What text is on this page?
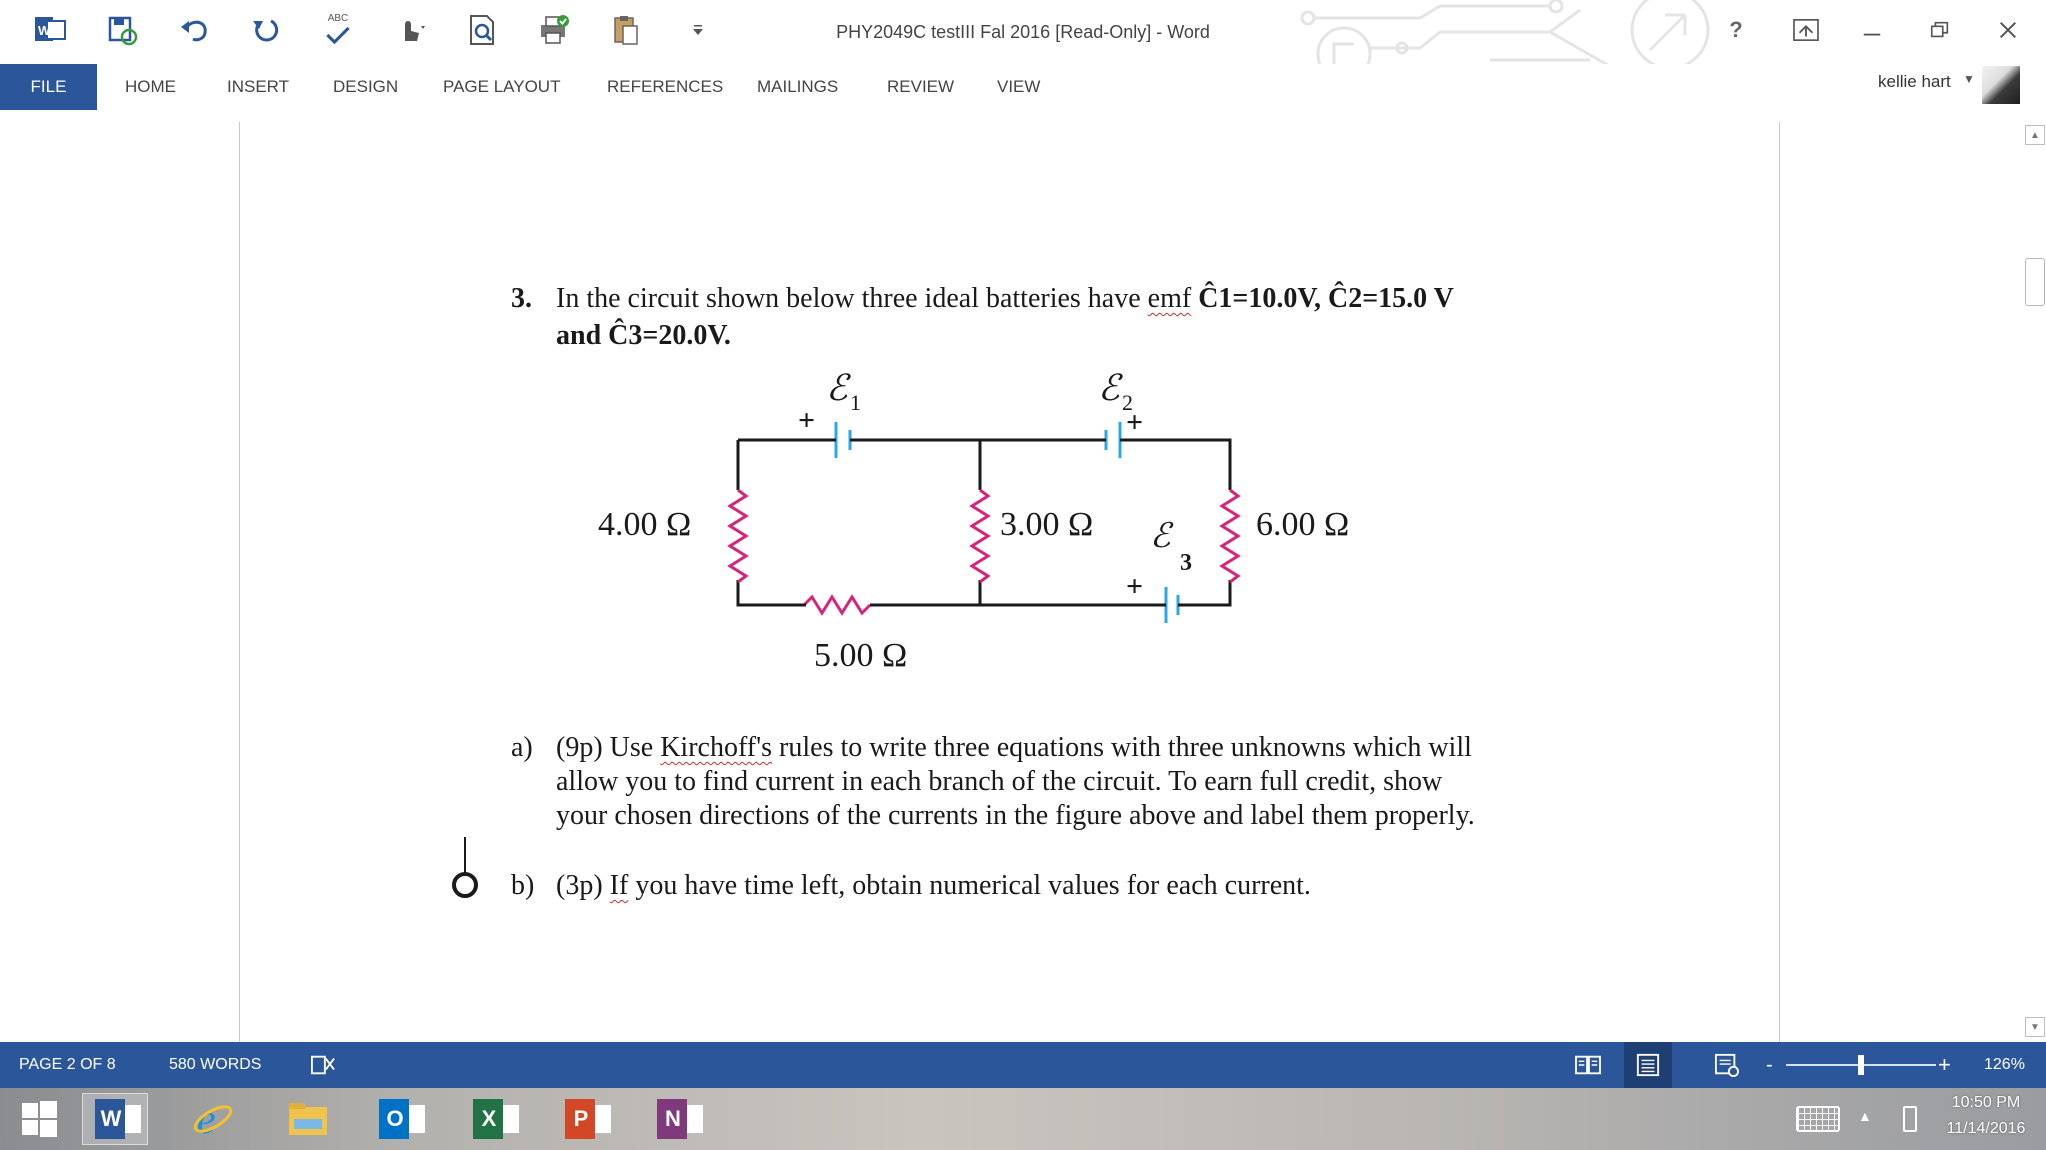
W
ABC
PHY2049C testIII Fal 2016 [Read-Only] - Word	?
FILE	HOME	INSERT	DESIGN	PAGE LAYOUT	REFERENCES MAILINGS	REVIEW	VIEW	kellie hart ▼
▲
▼
3. In the circuit shown below three ideal batteries have emf Ĉ1=10.0V, Ĉ2=15.0 V
and Ĉ3=20.0V.
ℰ 1
+
ℰ 2
+
ℰ
3
+
4.00 Ω	3.00 Ω	6.00 Ω
5.00 Ω
a) (9p) Use Kirchoff's rules to write three equations with three unknowns which will
allow you to find current in each branch of the circuit. To earn full credit, show
your chosen directions of the currents in the figure above and label them properly.
b) (3p) If you have time left, obtain numerical values for each current.
PAGE 2 OF 8	580 WORDS	-	+ 126%
W e	O	X	P	N	▲
10:50 PM
11/14/2016
